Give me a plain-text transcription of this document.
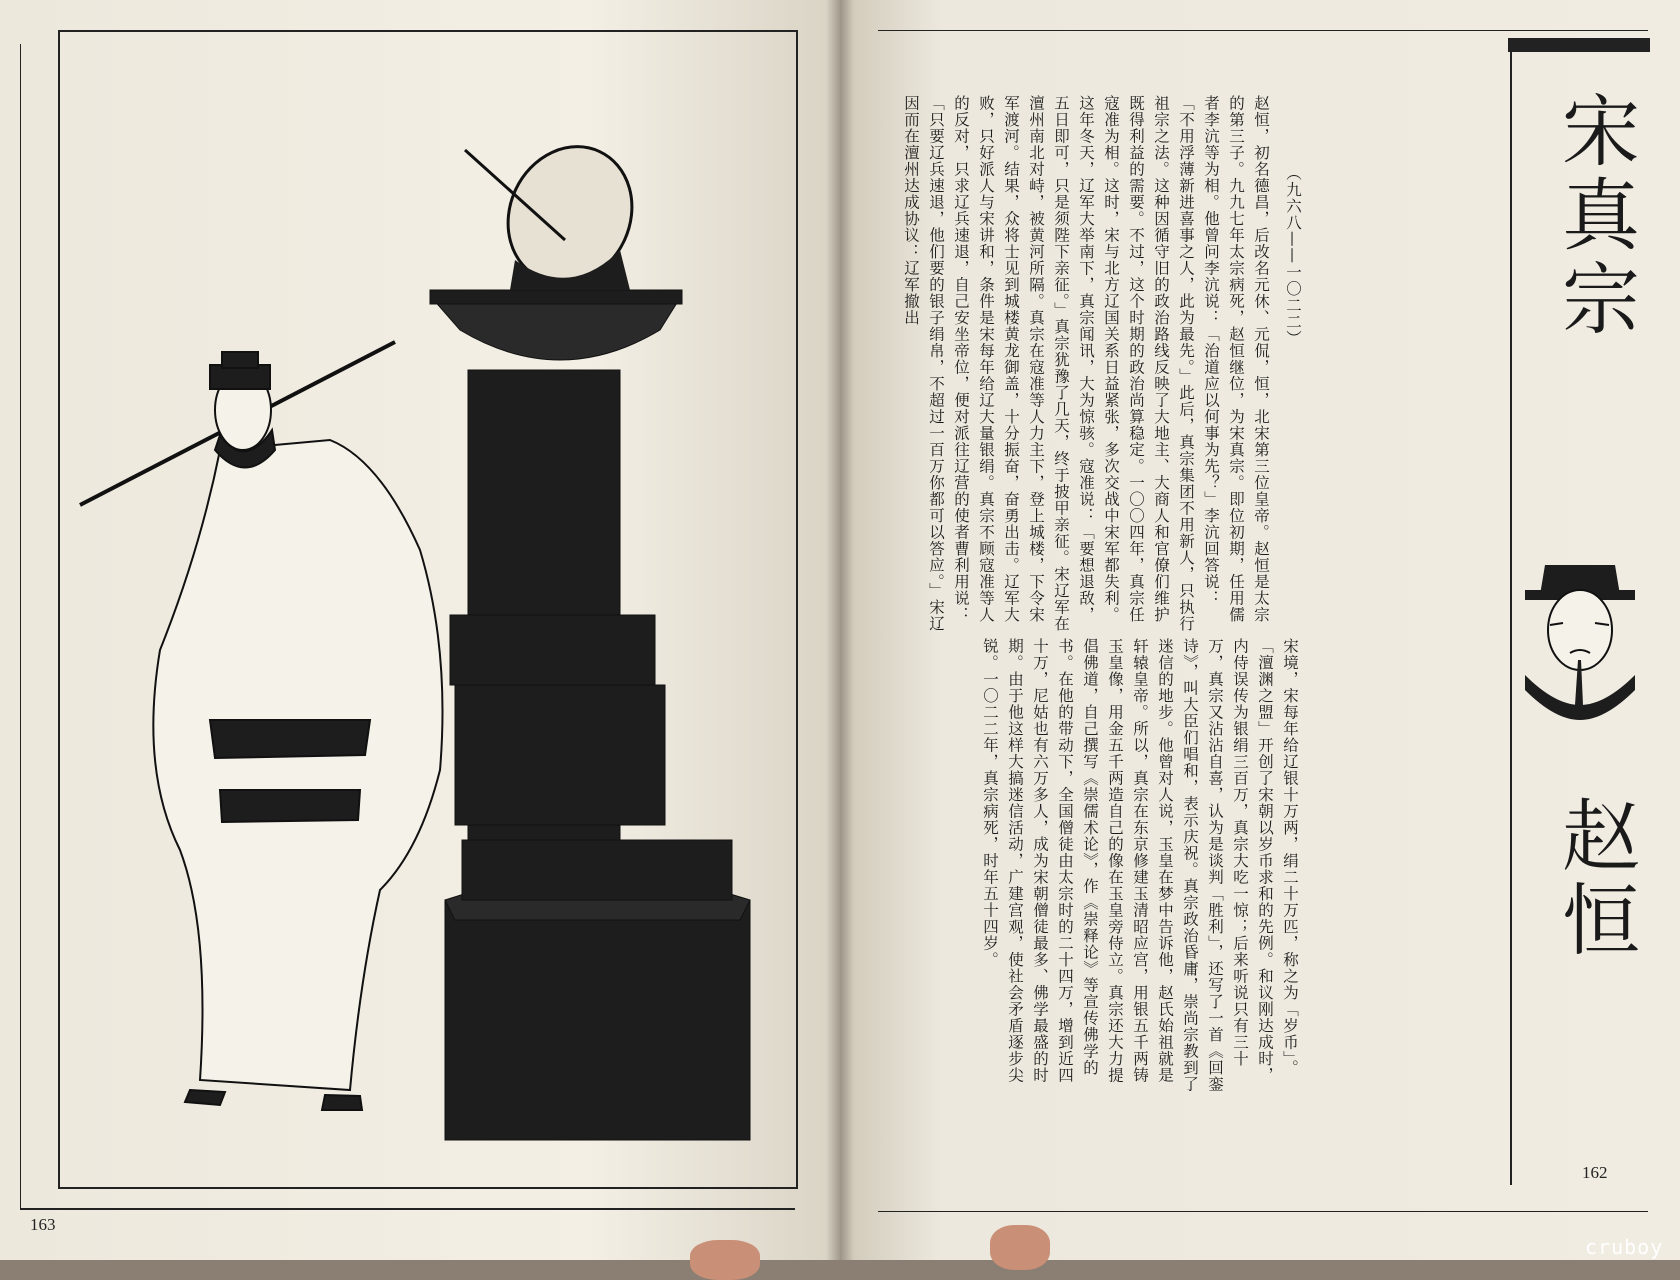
宋真宗
赵恒
（九六八——一〇二二）
赵恒，初名德昌，后改名元休、元侃，恒，北宋第三位皇帝。赵恒是太宗的第三子。九九七年太宗病死，赵恒继位，为宋真宗。即位初期，任用儒者李沆等为相。他曾问李沆说：「治道应以何事为先？」李沆回答说：「不用浮薄新进喜事之人，此为最先。」此后，真宗集团不用新人，只执行祖宗之法。这种因循守旧的政治路线反映了大地主、大商人和官僚们维护既得利益的需要。不过，这个时期的政治尚算稳定。一〇〇四年，真宗任寇准为相。这时，宋与北方辽国关系日益紧张，多次交战中宋军都失利。这年冬天，辽军大举南下，真宗闻讯，大为惊骇。寇准说：「要想退敌，五日即可，只是须陛下亲征。」真宗犹豫了几天，终于披甲亲征。宋辽军在澶州南北对峙，被黄河所隔。真宗在寇准等人力主下，登上城楼，下令宋军渡河。结果，众将士见到城楼黄龙御盖，十分振奋，奋勇出击。辽军大败，只好派人与宋讲和，条件是宋每年给辽大量银绢。真宗不顾寇准等人的反对，只求辽兵速退，自己安坐帝位，便对派往辽营的使者曹利用说：「只要辽兵速退，他们要的银子绢帛，不超过一百万你都可以答应。」宋辽因而在澶州达成协议：辽军撤出
宋境，宋每年给辽银十万两，绢二十万匹，称之为「岁币」。「澶渊之盟」开创了宋朝以岁币求和的先例。和议刚达成时，内侍误传为银绢三百万，真宗大吃一惊；后来听说只有三十万，真宗又沾沾自喜，认为是谈判「胜利」，还写了一首《回銮诗》，叫大臣们唱和，表示庆祝。真宗政治昏庸，崇尚宗教到了迷信的地步。他曾对人说，玉皇在梦中告诉他，赵氏始祖就是轩辕皇帝。所以，真宗在东京修建玉清昭应宫，用银五千两铸玉皇像，用金五千两造自己的像在玉皇旁侍立。真宗还大力提倡佛道，自己撰写《崇儒术论》，作《崇释论》等宣传佛学的书。在他的带动下，全国僧徒由太宗时的二十四万，增到近四十万，尼姑也有六万多人，成为宋朝僧徒最多、佛学最盛的时期。由于他这样大搞迷信活动，广建宫观，使社会矛盾逐步尖锐。一〇二二年，真宗病死，时年五十四岁。
163
162
cruboy
